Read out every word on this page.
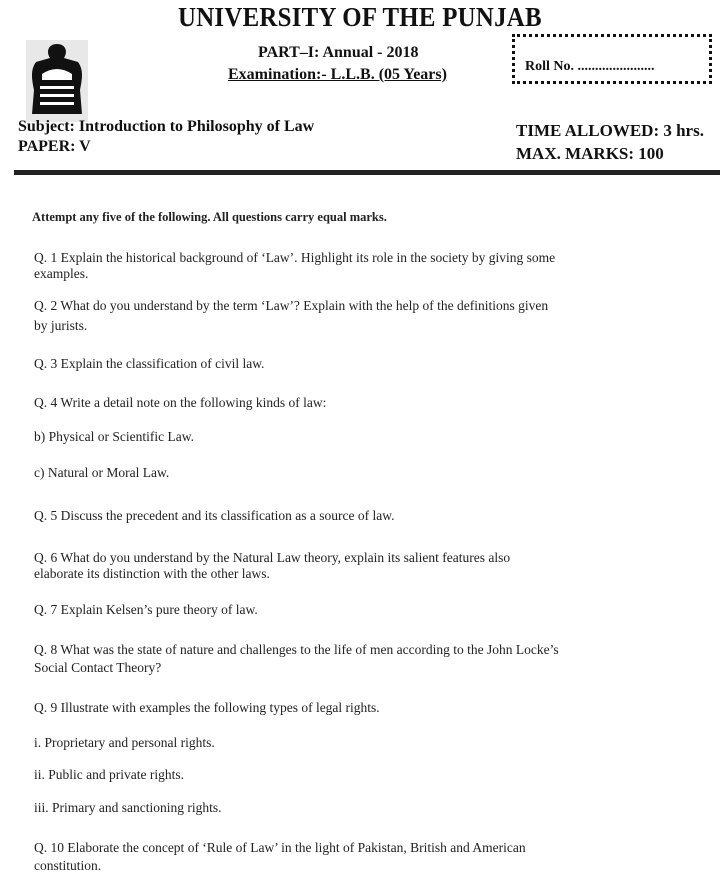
UNIVERSITY OF THE PUNJAB
PART–I: Annual - 2018
Examination:- L.L.B. (05 Years)	Roll No. ......................
Subject: Introduction to Philosophy of Law
PAPER: V
TIME ALLOWED: 3 hrs.
MAX. MARKS: 100
Attempt any five of the following. All questions carry equal marks.
Q. 1 Explain the historical background of ‘Law’. Highlight its role in the society by giving some
examples.
Q. 2 What do you understand by the term ‘Law’? Explain with the help of the definitions given
by jurists.
Q. 3 Explain the classification of civil law.
Q. 4 Write a detail note on the following kinds of law:
b) Physical or Scientific Law.
c) Natural or Moral Law.
Q. 5 Discuss the precedent and its classification as a source of law.
Q. 6 What do you understand by the Natural Law theory, explain its salient features also
elaborate its distinction with the other laws.
Q. 7 Explain Kelsen’s pure theory of law.
Q. 8 What was the state of nature and challenges to the life of men according to the John Locke’s
Social Contact Theory?
Q. 9 Illustrate with examples the following types of legal rights.
i. Proprietary and personal rights.
ii. Public and private rights.
iii. Primary and sanctioning rights.
Q. 10 Elaborate the concept of ‘Rule of Law’ in the light of Pakistan, British and American
constitution.
